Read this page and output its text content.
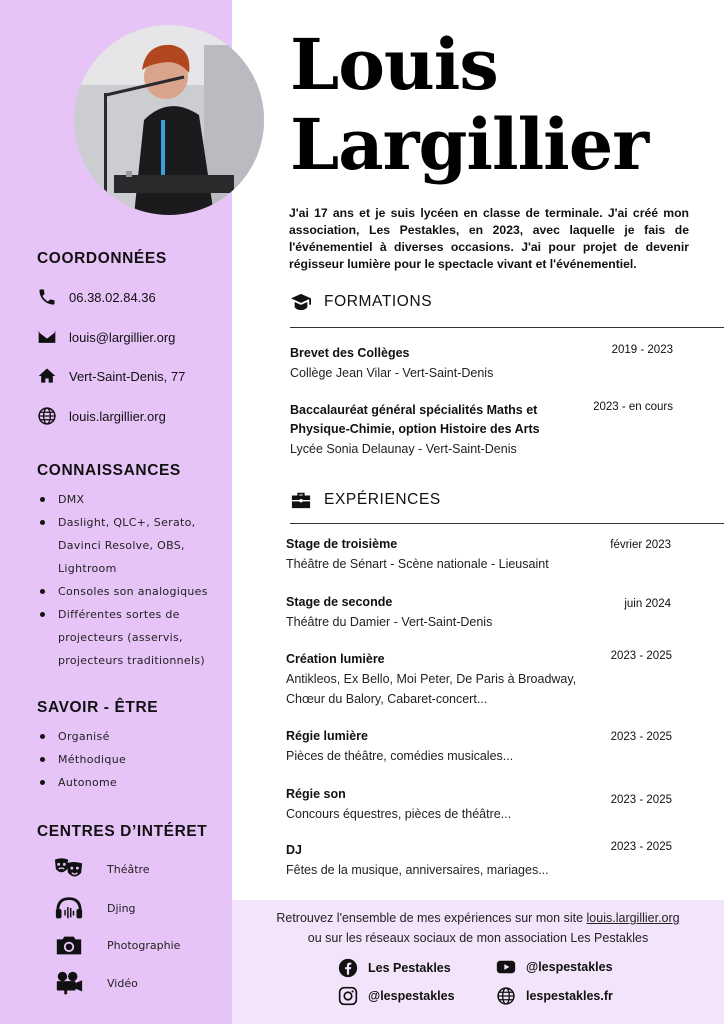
COORDONNÉES
06.38.02.84.36
louis@largillier.org
Vert-Saint-Denis, 77
louis.largillier.org
CONNAISSANCES
DMX
Daslight, QLC+, Serato, Davinci Resolve, OBS, Lightroom
Consoles son analogiques
Différentes sortes de projecteurs (asservis, projecteurs traditionnels)
SAVOIR - ÊTRE
Organisé
Méthodique
Autonome
CENTRES D’INTÉRET
Théâtre
Djing
Photographie
Vidéo
Louis
Largillier

J'ai 17 ans et je suis lycéen en classe de terminale. J'ai créé mon association, Les Pestakles, en 2023, avec laquelle je fais de l'événementiel à diverses occasions. J'ai pour projet de devenir régisseur lumière pour le spectacle vivant et l'événementiel.

FORMATIONS
Brevet des Collèges
Collège Jean Vilar - Vert-Saint-Denis
2019 - 2023
Baccalauréat général spécialités Maths et Physique-Chimie, option Histoire des Arts
Lycée Sonia Delaunay - Vert-Saint-Denis
2023 - en cours
EXPÉRIENCES
Stage de troisième
Théâtre de Sénart - Scène nationale - Lieusaint
février 2023
Stage de seconde
Théâtre du Damier - Vert-Saint-Denis
juin 2024
Création lumière
Antikleos, Ex Bello, Moi Peter, De Paris à Broadway, Chœur du Balory, Cabaret-concert...
2023 - 2025
Régie lumière
Pièces de théâtre, comédies musicales...
2023 - 2025
Régie son
Concours équestres, pièces de théâtre...
2023 - 2025
DJ
Fêtes de la musique, anniversaires, mariages...
2023 - 2025
Retrouvez l'ensemble de mes expériences sur mon site louis.largillier.org
ou sur les réseaux sociaux de mon association Les Pestakles
Les Pestakles	@lespestakles
@lespestakles	lespestakles.fr
